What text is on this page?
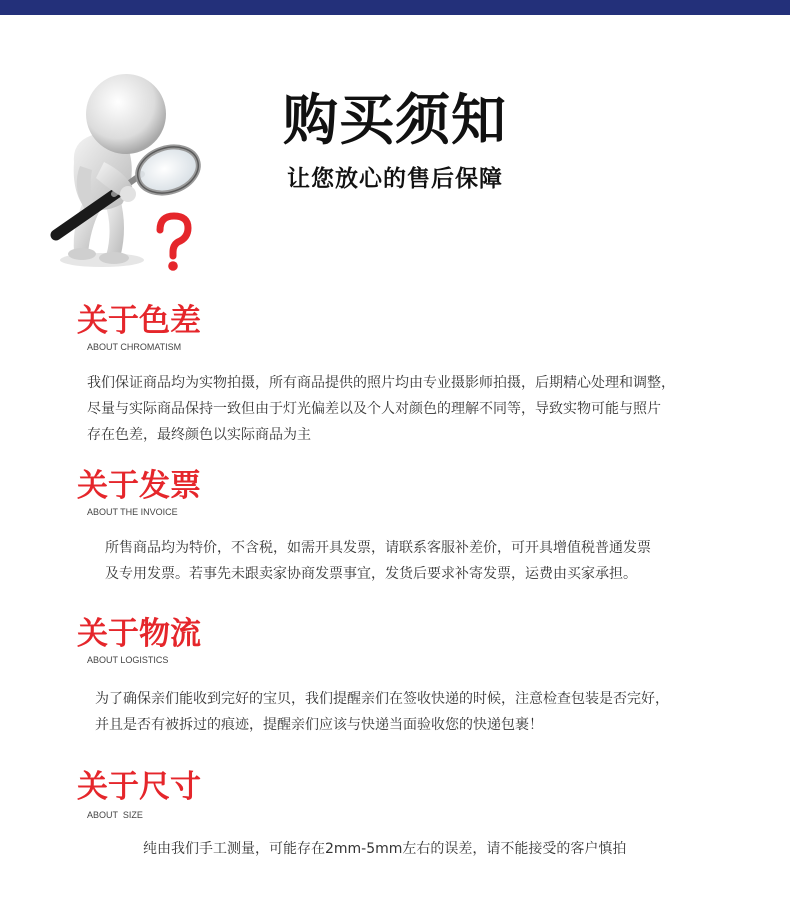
购买须知
让您放心的售后保障
关于色差
ABOUT CHROMATISM
我们保证商品均为实物拍摄，所有商品提供的照片均由专业摄影师拍摄，后期精心处理和调整，
尽量与实际商品保持一致但由于灯光偏差以及个人对颜色的理解不同等，导致实物可能与照片
存在色差，最终颜色以实际商品为主
关于发票
ABOUT THE INVOICE
所售商品均为特价，不含税，如需开具发票，请联系客服补差价，可开具增值税普通发票
及专用发票。若事先未跟卖家协商发票事宜，发货后要求补寄发票，运费由买家承担。
关于物流
ABOUT LOGISTICS
为了确保亲们能收到完好的宝贝，我们提醒亲们在签收快递的时候，注意检查包装是否完好，
并且是否有被拆过的痕迹，提醒亲们应该与快递当面验收您的快递包裹！
关于尺寸
ABOUT  SIZE
纯由我们手工测量，可能存在2mm-5mm左右的误差，请不能接受的客户慎拍
